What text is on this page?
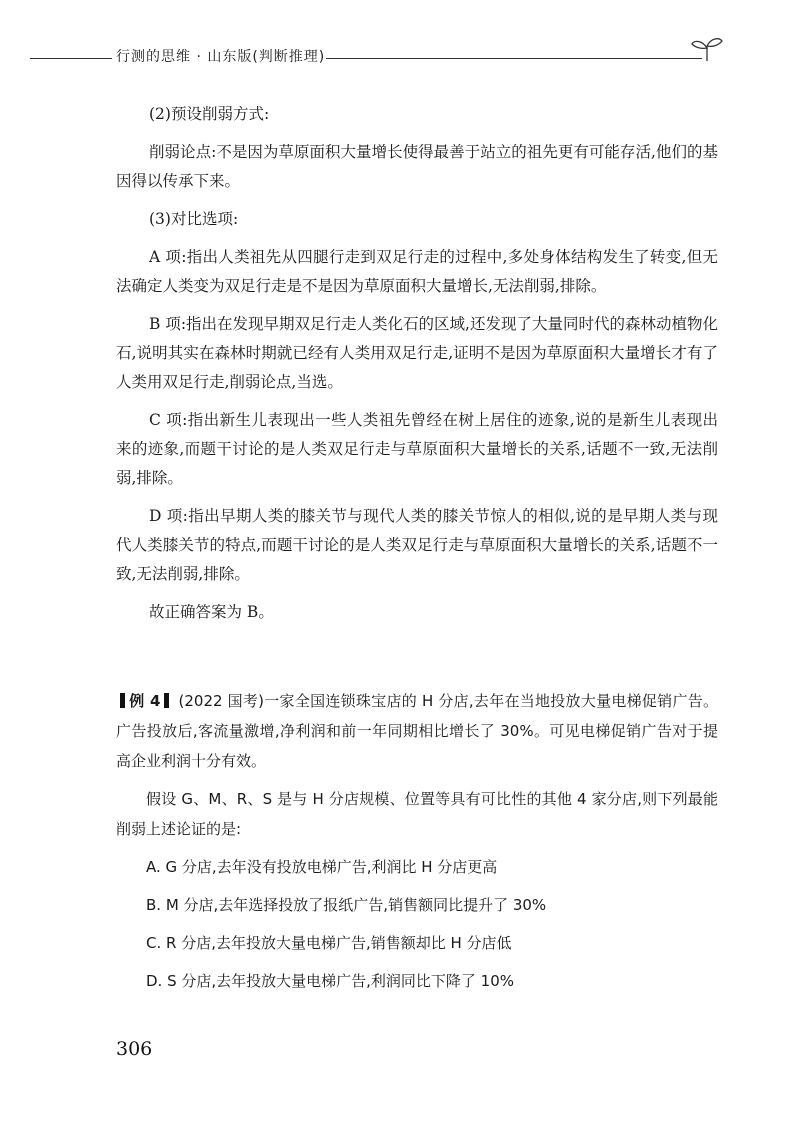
行测的思维 · 山东版(判断推理)

(2)预设削弱方式:

削弱论点:不是因为草原面积大量增长使得最善于站立的祖先更有可能存活,他们的基因得以传承下来。

(3)对比选项:

A 项:指出人类祖先从四腿行走到双足行走的过程中,多处身体结构发生了转变,但无法确定人类变为双足行走是不是因为草原面积大量增长,无法削弱,排除。

B 项:指出在发现早期双足行走人类化石的区域,还发现了大量同时代的森林动植物化石,说明其实在森林时期就已经有人类用双足行走,证明不是因为草原面积大量增长才有了人类用双足行走,削弱论点,当选。

C 项:指出新生儿表现出一些人类祖先曾经在树上居住的迹象,说的是新生儿表现出来的迹象,而题干讨论的是人类双足行走与草原面积大量增长的关系,话题不一致,无法削弱,排除。

D 项:指出早期人类的膝关节与现代人类的膝关节惊人的相似,说的是早期人类与现代人类膝关节的特点,而题干讨论的是人类双足行走与草原面积大量增长的关系,话题不一致,无法削弱,排除。

故正确答案为 B。

例 4 (2022 国考)一家全国连锁珠宝店的 H 分店,去年在当地投放大量电梯促销广告。广告投放后,客流量激增,净利润和前一年同期相比增长了 30%。可见电梯促销广告对于提高企业利润十分有效。

假设 G、M、R、S 是与 H 分店规模、位置等具有可比性的其他 4 家分店,则下列最能削弱上述论证的是:

A. G 分店,去年没有投放电梯广告,利润比 H 分店更高

B. M 分店,去年选择投放了报纸广告,销售额同比提升了 30%

C. R 分店,去年投放大量电梯广告,销售额却比 H 分店低

D. S 分店,去年投放大量电梯广告,利润同比下降了 10%

306
